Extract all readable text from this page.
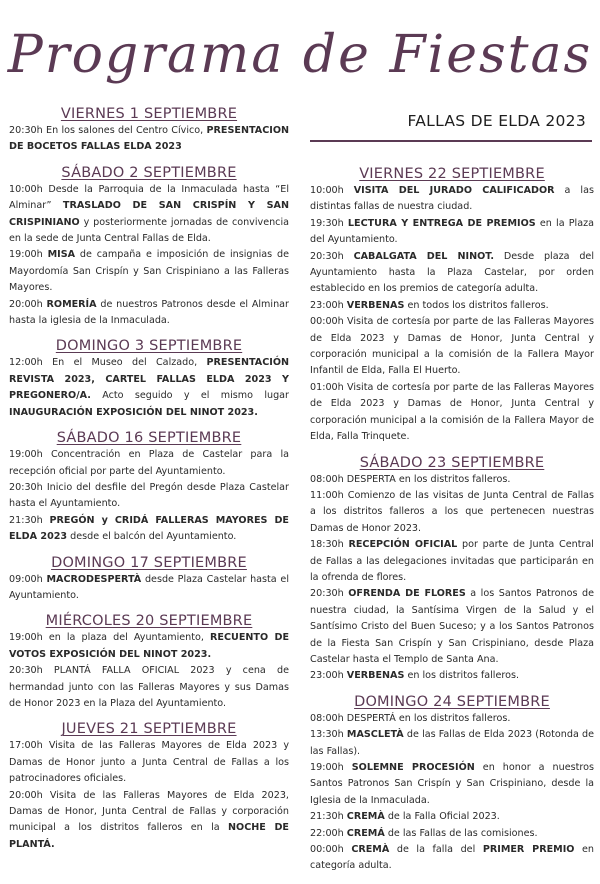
Programa de Fiestas
VIERNES 1 SEPTIEMBRE

20:30h En los salones del Centro Cívico, PRESENTACION DE BOCETOS FALLAS ELDA 2023

SÁBADO 2 SEPTIEMBRE

10:00h Desde la Parroquia de la Inmaculada hasta “El Alminar” TRASLADO DE SAN CRISPÍN Y SAN CRISPINIANO y posteriormente jornadas de convivencia en la sede de Junta Central Fallas de Elda.

19:00h MISA de campaña e imposición de insignias de Mayordomía San Crispín y San Crispiniano a las Falleras Mayores.

20:00h ROMERÍA de nuestros Patronos desde el Alminar hasta la iglesia de la Inmaculada.

DOMINGO 3 SEPTIEMBRE

12:00h En el Museo del Calzado, PRESENTACIÓN REVISTA 2023, CARTEL FALLAS ELDA 2023 Y PREGONERO/A. Acto seguido y el mismo lugar INAUGURACIÓN EXPOSICIÓN DEL NINOT 2023.

SÁBADO 16 SEPTIEMBRE

19:00h Concentración en Plaza de Castelar para la recepción oficial por parte del Ayuntamiento.

20:30h Inicio del desfile del Pregón desde Plaza Castelar hasta el Ayuntamiento.

21:30h PREGÓN y CRIDÁ FALLERAS MAYORES DE ELDA 2023 desde el balcón del Ayuntamiento.

DOMINGO 17 SEPTIEMBRE

09:00h MACRODESPERTÀ desde Plaza Castelar hasta el Ayuntamiento.

MIÉRCOLES 20 SEPTIEMBRE

19:00h en la plaza del Ayuntamiento, RECUENTO DE VOTOS EXPOSICIÓN DEL NINOT 2023.

20:30h PLANTÁ FALLA OFICIAL 2023 y cena de hermandad junto con las Falleras Mayores y sus Damas de Honor 2023 en la Plaza del Ayuntamiento.

JUEVES 21 SEPTIEMBRE

17:00h Visita de las Falleras Mayores de Elda 2023 y Damas de Honor junto a Junta Central de Fallas a los patrocinadores oficiales.

20:00h Visita de las Falleras Mayores de Elda 2023, Damas de Honor, Junta Central de Fallas y corporación municipal a los distritos falleros en la NOCHE DE PLANTÁ.

FALLAS DE ELDA 2023
VIERNES 22 SEPTIEMBRE

10:00h VISITA DEL JURADO CALIFICADOR a las distintas fallas de nuestra ciudad.

19:30h LECTURA Y ENTREGA DE PREMIOS en la Plaza del Ayuntamiento.

20:30h CABALGATA DEL NINOT. Desde plaza del Ayuntamiento hasta la Plaza Castelar, por orden establecido en los premios de categoría adulta.

23:00h VERBENAS en todos los distritos falleros.

00:00h Visita de cortesía por parte de las Falleras Mayores de Elda 2023 y Damas de Honor, Junta Central y corporación municipal a la comisión de la Fallera Mayor Infantil de Elda, Falla El Huerto.

01:00h Visita de cortesía por parte de las Falleras Mayores de Elda 2023 y Damas de Honor, Junta Central y corporación municipal a la comisión de la Fallera Mayor de Elda, Falla Trinquete.

SÁBADO 23 SEPTIEMBRE

08:00h DESPERTA en los distritos falleros.

11:00h Comienzo de las visitas de Junta Central de Fallas a los distritos falleros a los que pertenecen nuestras Damas de Honor 2023.

18:30h RECEPCIÓN OFICIAL por parte de Junta Central de Fallas a las delegaciones invitadas que participarán en la ofrenda de flores.

20:30h OFRENDA DE FLORES a los Santos Patronos de nuestra ciudad, la Santísima Virgen de la Salud y el Santísimo Cristo del Buen Suceso; y a los Santos Patronos de la Fiesta San Crispín y San Crispiniano, desde Plaza Castelar hasta el Templo de Santa Ana.

23:00h VERBENAS en los distritos falleros.

DOMINGO 24 SEPTIEMBRE

08:00h DESPERTÁ en los distritos falleros.

13:30h MASCLETÀ de las Fallas de Elda 2023 (Rotonda de las Fallas).

19:00h SOLEMNE PROCESIÓN en honor a nuestros Santos Patronos San Crispín y San Crispiniano, desde la Iglesia de la Inmaculada.

21:30h CREMÀ de la Falla Oficial 2023.

22:00h CREMÁ de las Fallas de las comisiones.

00:00h CREMÀ de la falla del PRIMER PREMIO en categoría adulta.
